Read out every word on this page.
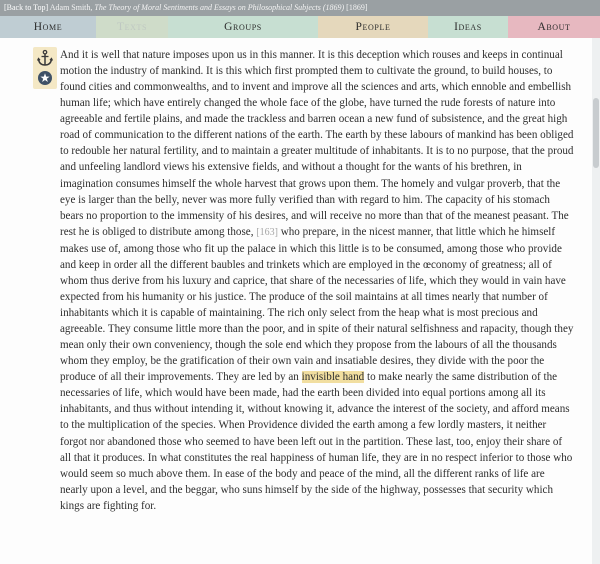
[Back to Top] Adam Smith, The Theory of Moral Sentiments and Essays on Philosophical Subjects (1869) [1869]
Home	Texts	Groups	People	Ideas	About

And it is well that nature imposes upon us in this manner. It is this deception which rouses and keeps in continual motion the industry of mankind. It is this which first prompted them to cultivate the ground, to build houses, to found cities and commonwealths, and to invent and improve all the sciences and arts, which ennoble and embellish human life; which have entirely changed the whole face of the globe, have turned the rude forests of nature into agreeable and fertile plains, and made the trackless and barren ocean a new fund of subsistence, and the great high road of communication to the different nations of the earth. The earth by these labours of mankind has been obliged to redouble her natural fertility, and to maintain a greater multitude of inhabitants. It is to no purpose, that the proud and unfeeling landlord views his extensive fields, and without a thought for the wants of his brethren, in imagination consumes himself the whole harvest that grows upon them. The homely and vulgar proverb, that the eye is larger than the belly, never was more fully verified than with regard to him. The capacity of his stomach bears no proportion to the immensity of his desires, and will receive no more than that of the meanest peasant. The rest he is obliged to distribute among those, [163] who prepare, in the nicest manner, that little which he himself makes use of, among those who fit up the palace in which this little is to be consumed, among those who provide and keep in order all the different baubles and trinkets which are employed in the œconomy of greatness; all of whom thus derive from his luxury and caprice, that share of the necessaries of life, which they would in vain have expected from his humanity or his justice. The produce of the soil maintains at all times nearly that number of inhabitants which it is capable of maintaining. The rich only select from the heap what is most precious and agreeable. They consume little more than the poor, and in spite of their natural selfishness and rapacity, though they mean only their own conveniency, though the sole end which they propose from the labours of all the thousands whom they employ, be the gratification of their own vain and insatiable desires, they divide with the poor the produce of all their improvements. They are led by an invisible hand to make nearly the same distribution of the necessaries of life, which would have been made, had the earth been divided into equal portions among all its inhabitants, and thus without intending it, without knowing it, advance the interest of the society, and afford means to the multiplication of the species. When Providence divided the earth among a few lordly masters, it neither forgot nor abandoned those who seemed to have been left out in the partition. These last, too, enjoy their share of all that it produces. In what constitutes the real happiness of human life, they are in no respect inferior to those who would seem so much above them. In ease of the body and peace of the mind, all the different ranks of life are nearly upon a level, and the beggar, who suns himself by the side of the highway, possesses that security which kings are fighting for.
